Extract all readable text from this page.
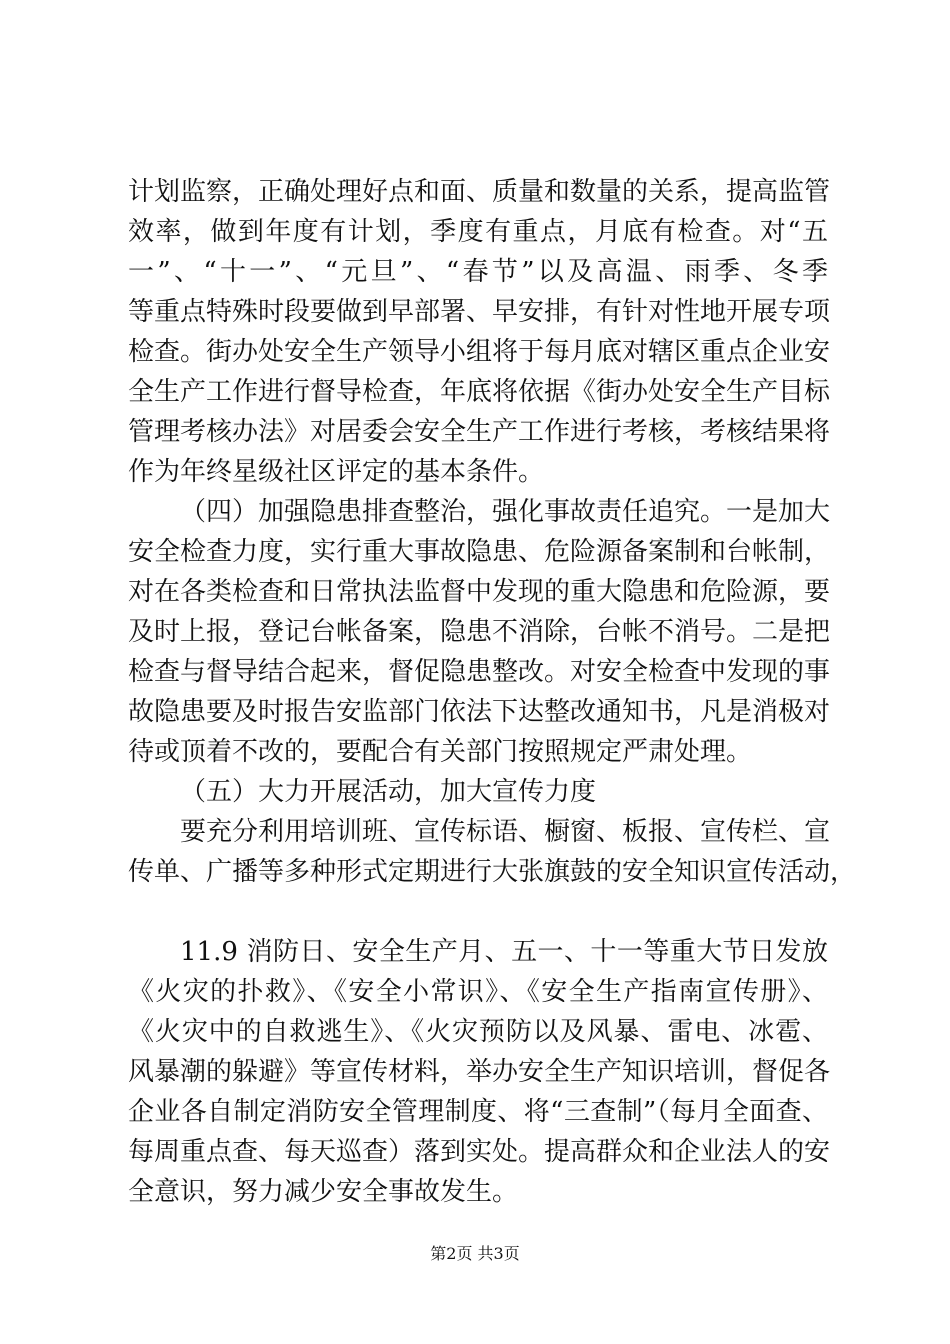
计划监察，正确处理好点和面、质量和数量的关系，提高监管
效率，做到年度有计划，季度有重点，月底有检查。对“五
一”、“十一”、“元旦”、“春节”以及高温、雨季、冬季
等重点特殊时段要做到早部署、早安排，有针对性地开展专项
检查。街办处安全生产领导小组将于每月底对辖区重点企业安
全生产工作进行督导检查，年底将依据《街办处安全生产目标
管理考核办法》对居委会安全生产工作进行考核，考核结果将
作为年终星级社区评定的基本条件。
（四）加强隐患排查整治，强化事故责任追究。一是加大
安全检查力度，实行重大事故隐患、危险源备案制和台帐制，
对在各类检查和日常执法监督中发现的重大隐患和危险源，要
及时上报，登记台帐备案，隐患不消除，台帐不消号。二是把
检查与督导结合起来，督促隐患整改。对安全检查中发现的事
故隐患要及时报告安监部门依法下达整改通知书，凡是消极对
待或顶着不改的，要配合有关部门按照规定严肃处理。
（五）大力开展活动，加大宣传力度
要充分利用培训班、宣传标语、橱窗、板报、宣传栏、宣
传单、广播等多种形式定期进行大张旗鼓的安全知识宣传活动，
11.9 消防日、安全生产月、五一、十一等重大节日发放
《火灾的扑救》、《安全小常识》、《安全生产指南宣传册》、
《火灾中的自救逃生》、《火灾预防以及风暴、雷电、冰雹、
风暴潮的躲避》等宣传材料，举办安全生产知识培训，督促各
企业各自制定消防安全管理制度、将“三查制”（每月全面查、
每周重点查、每天巡查）落到实处。提高群众和企业法人的安
全意识，努力减少安全事故发生。
第2页 共3页
